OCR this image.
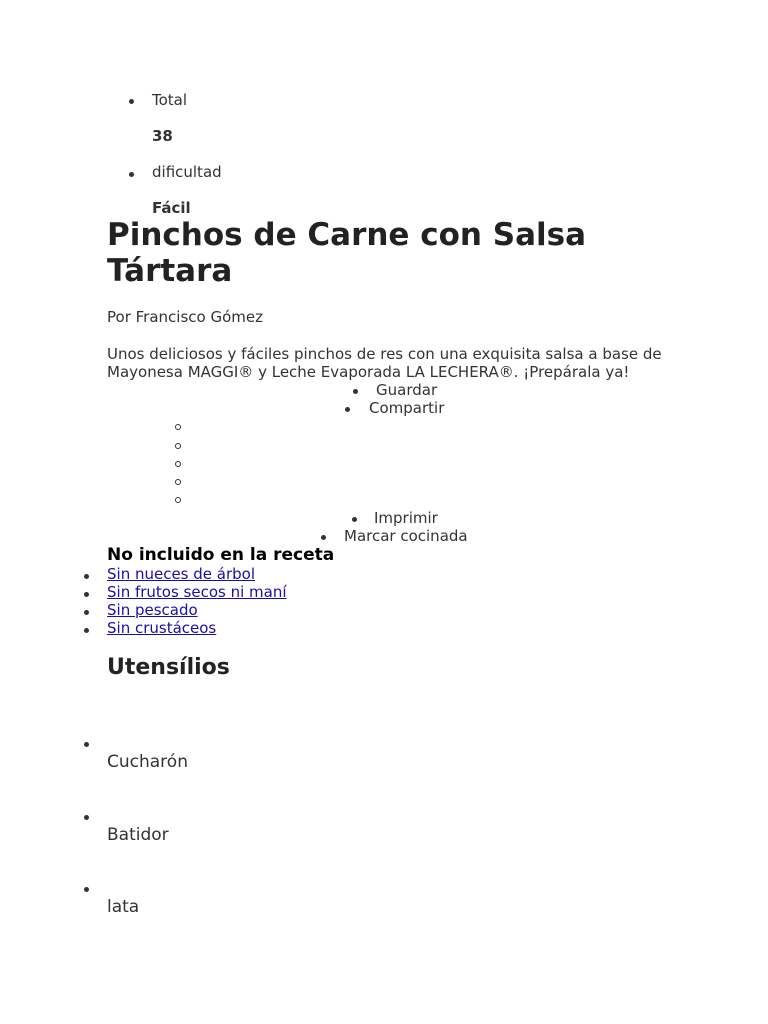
Total
38
dificultad
Fácil
Pinchos de Carne con Salsa Tártara
Por Francisco Gómez

Unos deliciosos y fáciles pinchos de res con una exquisita salsa a base de Mayonesa MAGGI® y Leche Evaporada LA LECHERA®. ¡Prepárala ya!

Guardar
Compartir
Imprimir
Marcar cocinada
No incluido en la receta
Sin nueces de árbol
Sin frutos secos ni maní
Sin pescado
Sin crustáceos
Utensílios
Cucharón
Batidor
lata
